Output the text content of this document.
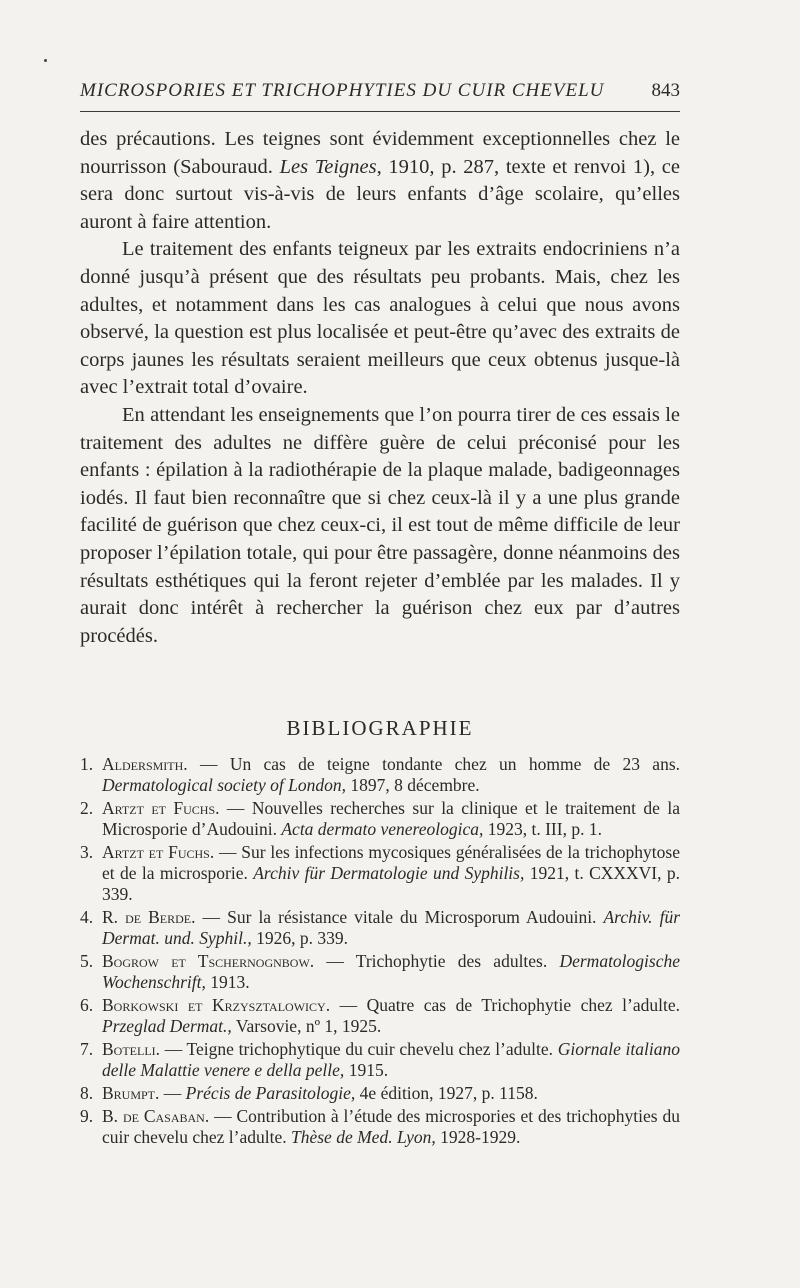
MICROSPORIES ET TRICHOPHYTIES DU CUIR CHEVELU 843

des précautions. Les teignes sont évidemment exceptionnelles chez le nourrisson (Sabouraud. Les Teignes, 1910, p. 287, texte et renvoi 1), ce sera donc surtout vis-à-vis de leurs enfants d’âge scolaire, qu’elles auront à faire attention.

Le traitement des enfants teigneux par les extraits endocriniens n’a donné jusqu’à présent que des résultats peu probants. Mais, chez les adultes, et notamment dans les cas analogues à celui que nous avons observé, la question est plus localisée et peut-être qu’avec des extraits de corps jaunes les résultats seraient meilleurs que ceux obtenus jusque-là avec l’extrait total d’ovaire.

En attendant les enseignements que l’on pourra tirer de ces essais le traitement des adultes ne diffère guère de celui préconisé pour les enfants : épilation à la radiothérapie de la plaque malade, badigeonnages iodés. Il faut bien reconnaître que si chez ceux-là il y a une plus grande facilité de guérison que chez ceux-ci, il est tout de même difficile de leur proposer l’épilation totale, qui pour être passagère, donne néanmoins des résultats esthétiques qui la feront rejeter d’emblée par les malades. Il y aurait donc intérêt à rechercher la guérison chez eux par d’autres procédés.

BIBLIOGRAPHIE
1. Aldersmith. — Un cas de teigne tondante chez un homme de 23 ans. Dermatological society of London, 1897, 8 décembre.
2. Artzt et Fuchs. — Nouvelles recherches sur la clinique et le traitement de la Microsporie d’Audouini. Acta dermato venereologica, 1923, t. III, p. 1.
3. Artzt et Fuchs. — Sur les infections mycosiques généralisées de la trichophytose et de la microsporie. Archiv für Dermatologie und Syphilis, 1921, t. CXXXVI, p. 339.
4. R. de Berde. — Sur la résistance vitale du Microsporum Audouini. Archiv. für Dermat. und. Syphil., 1926, p. 339.
5. Bogrow et Tschernognbow. — Trichophytie des adultes. Dermatologische Wochenschrift, 1913.
6. Borkowski et Krzysztalowicy. — Quatre cas de Trichophytie chez l’adulte. Przeglad Dermat., Varsovie, nº 1, 1925.
7. Botelli. — Teigne trichophytique du cuir chevelu chez l’adulte. Giornale italiano delle Malattie venere e della pelle, 1915.
8. Brumpt. — Précis de Parasitologie, 4e édition, 1927, p. 1158.
9. B. de Casaban. — Contribution à l’étude des microspories et des trichophyties du cuir chevelu chez l’adulte. Thèse de Med. Lyon, 1928-1929.
